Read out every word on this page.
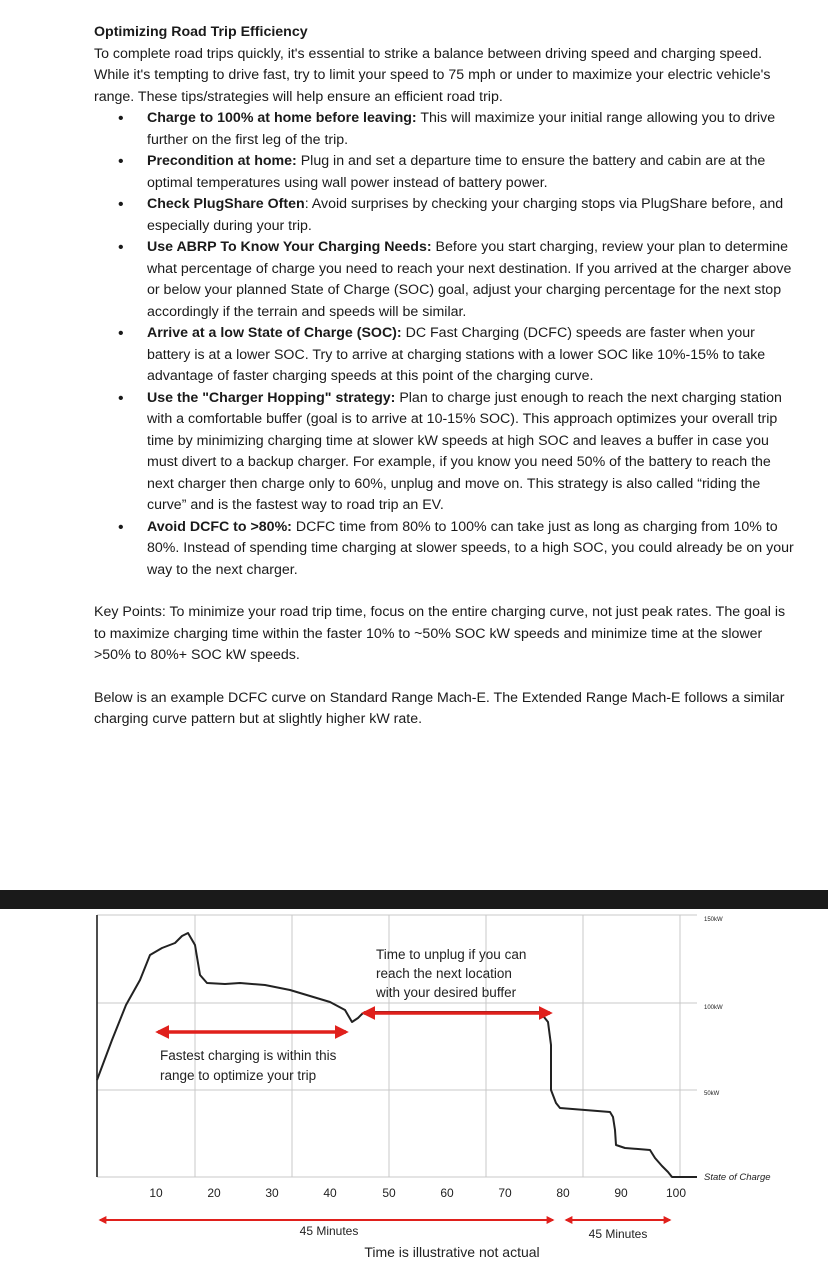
Optimizing Road Trip Efficiency

To complete road trips quickly, it's essential to strike a balance between driving speed and charging speed. While it's tempting to drive fast, try to limit your speed to 75 mph or under to maximize your electric vehicle's range. These tips/strategies will help ensure an efficient road trip.

• Charge to 100% at home before leaving: This will maximize your initial range allowing you to drive further on the first leg of the trip.
• Precondition at home: Plug in and set a departure time to ensure the battery and cabin are at the optimal temperatures using wall power instead of battery power.
• Check PlugShare Often: Avoid surprises by checking your charging stops via PlugShare before, and especially during your trip.
• Use ABRP To Know Your Charging Needs: Before you start charging, review your plan to determine what percentage of charge you need to reach your next destination. If you arrived at the charger above or below your planned State of Charge (SOC) goal, adjust your charging percentage for the next stop accordingly if the terrain and speeds will be similar.
• Arrive at a low State of Charge (SOC): DC Fast Charging (DCFC) speeds are faster when your battery is at a lower SOC. Try to arrive at charging stations with a lower SOC like 10%-15% to take advantage of faster charging speeds at this point of the charging curve.
• Use the "Charger Hopping" strategy: Plan to charge just enough to reach the next charging station with a comfortable buffer (goal is to arrive at 10-15% SOC). This approach optimizes your overall trip time by minimizing charging time at slower kW speeds at high SOC and leaves a buffer in case you must divert to a backup charger. For example, if you know you need 50% of the battery to reach the next charger then charge only to 60%, unplug and move on. This strategy is also called “riding the curve” and is the fastest way to road trip an EV.
• Avoid DCFC to >80%: DCFC time from 80% to 100% can take just as long as charging from 10% to 80%. Instead of spending time charging at slower speeds, to a high SOC, you could already be on your way to the next charger.

Key Points: To minimize your road trip time, focus on the entire charging curve, not just peak rates. The goal is to maximize charging time within the faster 10% to ~50% SOC kW speeds and minimize time at the slower >50% to 80%+ SOC kW speeds.

Below is an example DCFC curve on Standard Range Mach-E. The Extended Range Mach-E follows a similar charging curve pattern but at slightly higher kW rate.

150kW
100kW
50kW
State of Charge
10	20	30	40	50	60	70	80	90	100
Fastest charging is within this
range to optimize your trip
Time to unplug if you can
reach the next location
with your desired buffer
45 Minutes	45 Minutes
Time is illustrative not actual
